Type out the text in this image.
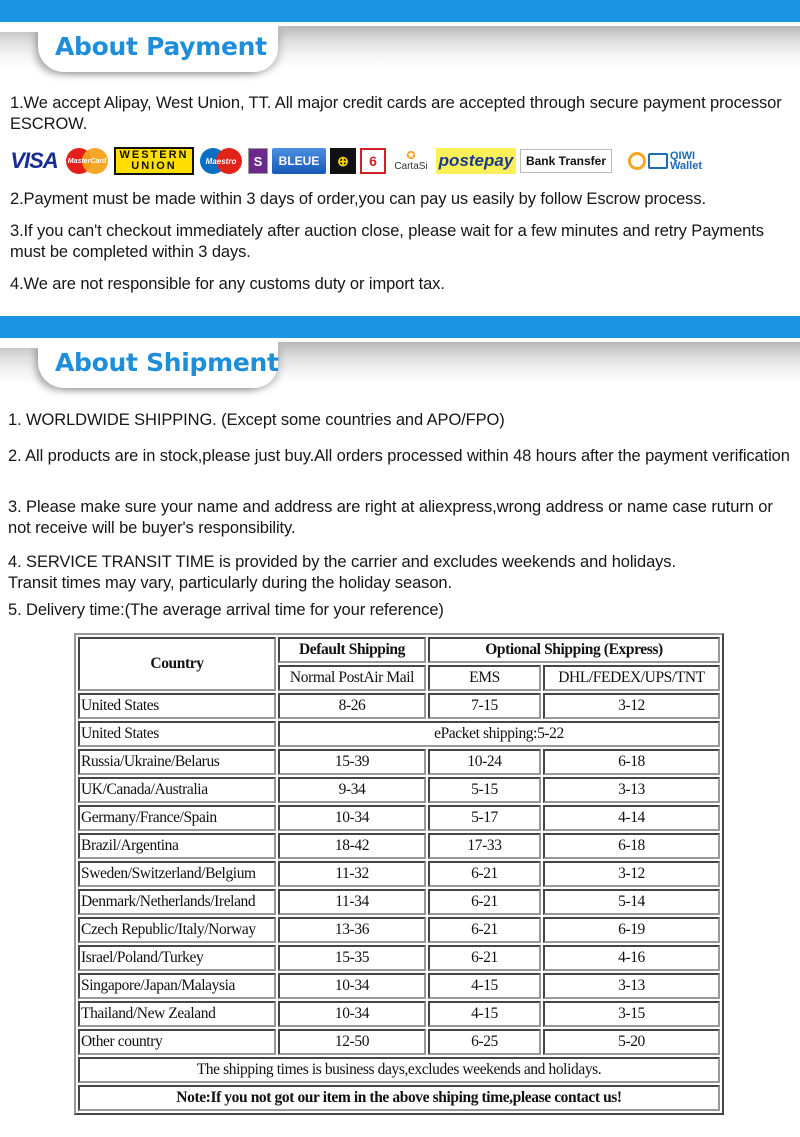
About Payment
1.We accept Alipay, West Union, TT. All major credit cards are accepted through secure payment processor ESCROW.
VISA	MasterCard WESTERN
UNION	Maestro	S	BLEUE	⊕	6	✪
CartaSi postepay	Bank Transfer	QIWI
Wallet
2.Payment must be made within 3 days of order,you can pay us easily by follow Escrow process.
3.If you can't checkout immediately after auction close, please wait for a few minutes and retry Payments must be completed within 3 days.
4.We are not responsible for any customs duty or import tax.
About Shipment
1. WORLDWIDE SHIPPING. (Except some countries and APO/FPO)
2. All products are in stock,please just buy.All orders processed within 48 hours after the payment verification
3. Please make sure your name and address are right at aliexpress,wrong address or name case ruturn or not receive will be buyer's responsibility.
4. SERVICE TRANSIT TIME is provided by the carrier and excludes weekends and holidays. Transit times may vary, particularly during the holiday season.
5. Delivery time:(The average arrival time for your reference)
Country	Default Shipping	Optional Shipping (Express)	
	Normal PostAir Mail	EMS	DHL/FEDEX/UPS/TNT
United States	8-26	7-15	3-12
United States	ePacket shipping:5-22		
Russia/Ukraine/Belarus	15-39	10-24	6-18
UK/Canada/Australia	9-34	5-15	3-13
Germany/France/Spain	10-34	5-17	4-14
Brazil/Argentina	18-42	17-33	6-18
Sweden/Switzerland/Belgium	11-32	6-21	3-12
Denmark/Netherlands/Ireland	11-34	6-21	5-14
Czech Republic/Italy/Norway	13-36	6-21	6-19
Israel/Poland/Turkey	15-35	6-21	4-16
Singapore/Japan/Malaysia	10-34	4-15	3-13
Thailand/New Zealand	10-34	4-15	3-15
Other country	12-50	6-25	5-20
The shipping times is business days,excludes weekends and holidays.			
Note:If you not got our item in the above shiping time,please contact us!			
